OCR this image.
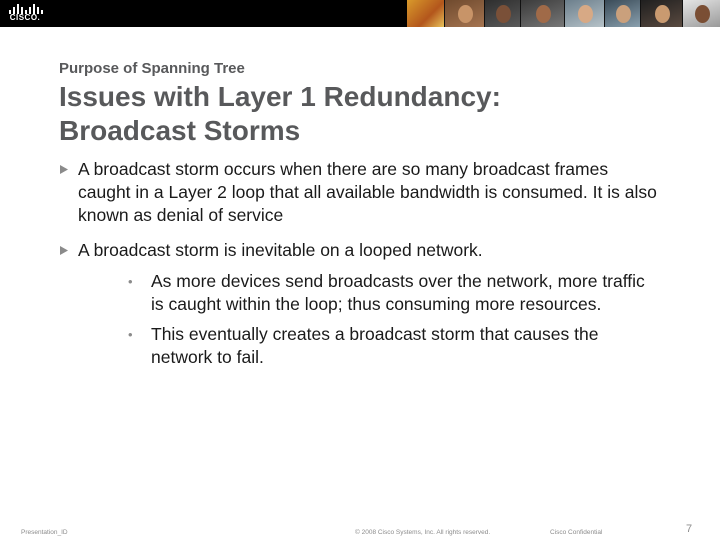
CISCO.
Purpose of Spanning Tree
Issues with Layer 1 Redundancy:
Broadcast Storms
A broadcast storm occurs when there are so many broadcast frames caught in a Layer 2 loop that all available bandwidth is consumed. It is also known as denial of service
A broadcast storm is inevitable on a looped network.
• As more devices send broadcasts over the network, more traffic is caught within the loop; thus consuming more resources.
• This eventually creates a broadcast storm that causes the network to fail.
Presentation_ID	© 2008 Cisco Systems, Inc. All rights reserved.	Cisco Confidential	7
